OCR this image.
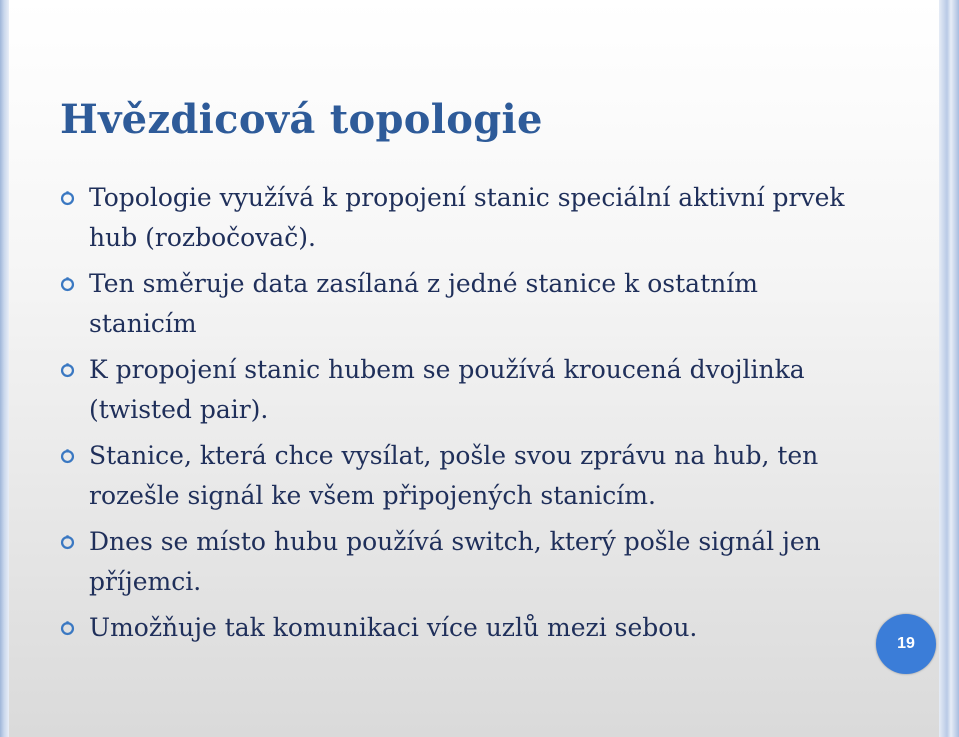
Hvězdicová topologie
Topologie využívá k propojení stanic speciální aktivní prvek hub (rozbočovač).
Ten směruje data zasílaná z jedné stanice k ostatním stanicím
K propojení stanic hubem se používá kroucená dvojlinka (twisted pair).
Stanice, která chce vysílat, pošle svou zprávu na hub, ten rozešle signál ke všem připojených stanicím.
Dnes se místo hubu používá switch, který pošle signál jen příjemci.
Umožňuje tak komunikaci více uzlů mezi sebou.
19
